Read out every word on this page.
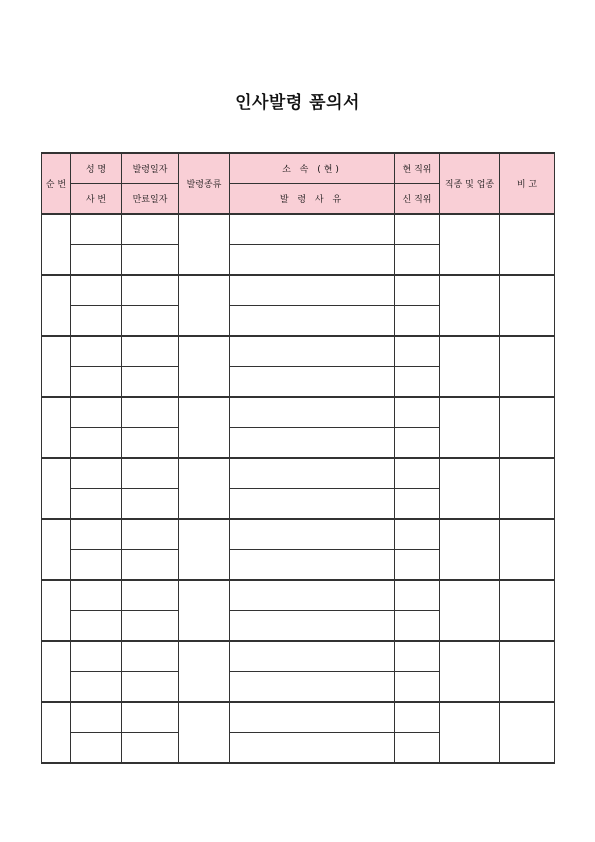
인사발령 품의서
순 번	성 명	발령일자	발령종류	소 속 (현)	현 직위	직종 및 업종	비 고
	사 번	만료일자		발 령 사 유	신 직위		
